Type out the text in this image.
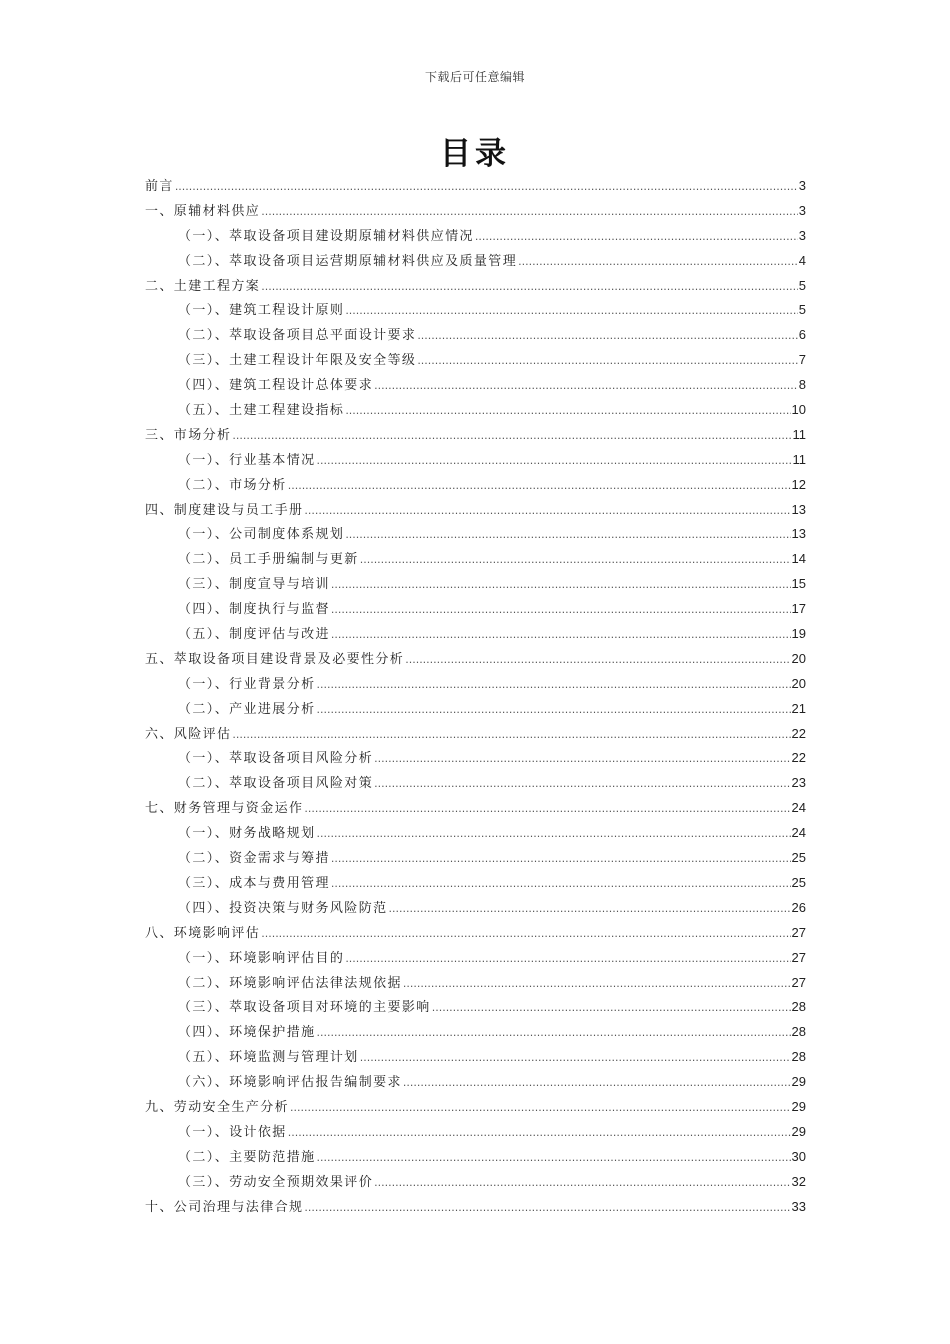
下载后可任意编辑
目录
前言 .....	3
一、原辅材料供应 .....	3
（一）、萃取设备项目建设期原辅材料供应情况 .....	3
（二）、萃取设备项目运营期原辅材料供应及质量管理 .....	4
二、土建工程方案 .....	5
（一）、建筑工程设计原则 .....	5
（二）、萃取设备项目总平面设计要求 .....	6
（三）、土建工程设计年限及安全等级 .....	7
（四）、建筑工程设计总体要求 .....	8
（五）、土建工程建设指标 .....	10
三、市场分析 .....	11
（一）、行业基本情况 .....	11
（二）、市场分析 .....	12
四、制度建设与员工手册 .....	13
（一）、公司制度体系规划 .....	13
（二）、员工手册编制与更新 .....	14
（三）、制度宣导与培训 .....	15
（四）、制度执行与监督 .....	17
（五）、制度评估与改进 .....	19
五、萃取设备项目建设背景及必要性分析 .....	20
（一）、行业背景分析 .....	20
（二）、产业进展分析 .....	21
六、风险评估 .....	22
（一）、萃取设备项目风险分析 .....	22
（二）、萃取设备项目风险对策 .....	23
七、财务管理与资金运作 .....	24
（一）、财务战略规划 .....	24
（二）、资金需求与筹措 .....	25
（三）、成本与费用管理 .....	25
（四）、投资决策与财务风险防范 .....	26
八、环境影响评估 .....	27
（一）、环境影响评估目的 .....	27
（二）、环境影响评估法律法规依据 .....	27
（三）、萃取设备项目对环境的主要影响 .....	28
（四）、环境保护措施 .....	28
（五）、环境监测与管理计划 .....	28
（六）、环境影响评估报告编制要求 .....	29
九、劳动安全生产分析 .....	29
（一）、设计依据 .....	29
（二）、主要防范措施 .....	30
（三）、劳动安全预期效果评价 .....	32
十、公司治理与法律合规 .....	33
